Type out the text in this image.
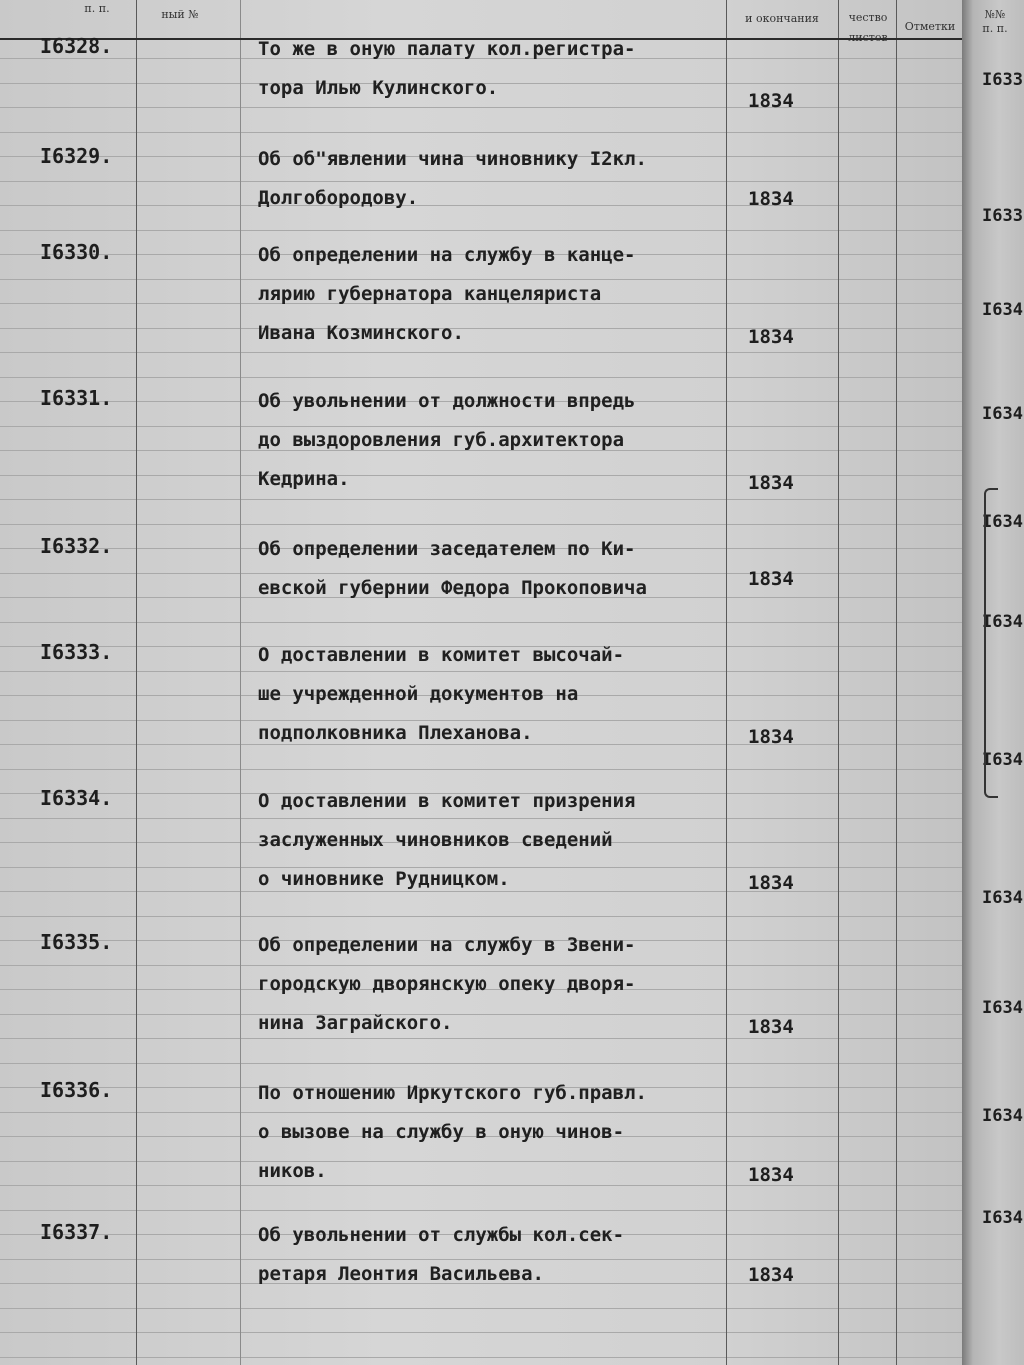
п. п.	ный №	и окончания	чество
Отметки
I6328.	То же в оную палату кол.регистра-
тора Илью Кулинского.
1834
I6329.	Об об"явлении чина чиновнику I2кл.
Долгобородову.	1834
I6330.	Об определении на службу в канце-
лярию губернатора канцеляриста
Ивана Козминского.	1834
I6331.	Об увольнении от должности впредь
до выздоровления губ.архитектора
Кедрина.	1834
I6332.	Об определении заседателем по Ки-
евской губернии Федора Прокоповича	1834
I6333.	О доставлении в комитет высочай-
ше учрежденной документов на
подполковника Плеханова.	1834
I6334.	О доставлении в комитет призрения
заслуженных чиновников сведений
о чиновнике Рудницком.	1834
I6335.	Об определении на службу в Звени-
городскую дворянскую опеку дворя-
нина Заграйского.	1834
I6336.	По отношению Иркутского губ.правл.
о вызове на службу в оную чинов-
ников.	1834
I6337.	Об увольнении от службы кол.сек-
ретаря Леонтия Васильева.	1834
№№ п. п.
I633
I633
I634
I634
I634
I634
I634
I634
I634
I634
I634
